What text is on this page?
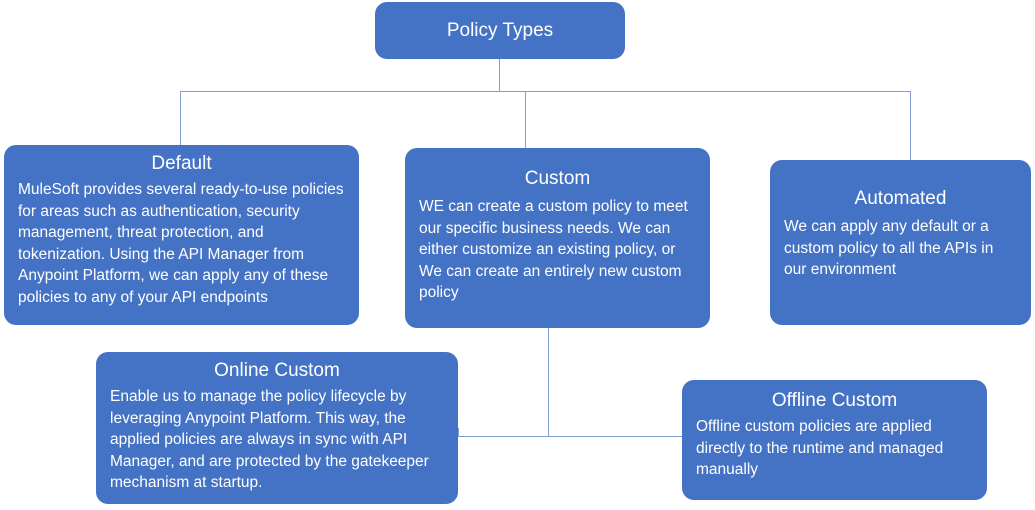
Policy Types
Default
MuleSoft provides several ready-to-use policies for areas such as authentication, security management, threat protection, and tokenization. Using the API Manager from Anypoint Platform, we can apply any of these policies to any of your API endpoints
Custom
WE can create a custom policy to meet our specific business needs. We can either customize an existing policy, or We can create an entirely new custom policy
Automated
We can apply any default or a custom policy to all the APIs in our environment
Online Custom
Enable us to manage the policy lifecycle by leveraging Anypoint Platform. This way, the applied policies are always in sync with API Manager, and are protected by the gatekeeper mechanism at startup.
Offline Custom
Offline custom policies are applied directly to the runtime and managed manually
